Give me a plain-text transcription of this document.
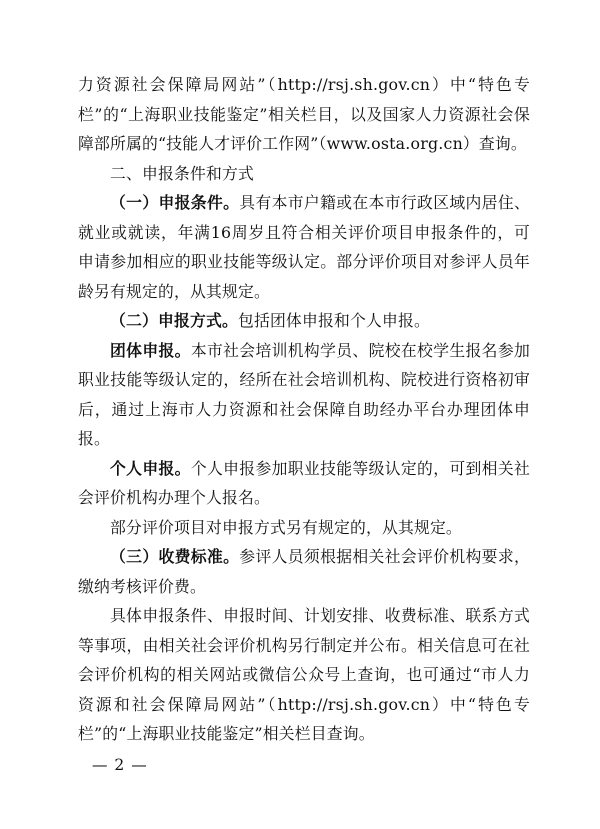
力资源社会保障局网站”（http://rsj.sh.gov.cn）中“特色专栏”的“上海职业技能鉴定”相关栏目，以及国家人力资源社会保障部所属的“技能人才评价工作网”（www.osta.org.cn）查询。

二、申报条件和方式

（一）申报条件。具有本市户籍或在本市行政区域内居住、就业或就读，年满16周岁且符合相关评价项目申报条件的，可申请参加相应的职业技能等级认定。部分评价项目对参评人员年龄另有规定的，从其规定。

（二）申报方式。包括团体申报和个人申报。

团体申报。本市社会培训机构学员、院校在校学生报名参加职业技能等级认定的，经所在社会培训机构、院校进行资格初审后，通过上海市人力资源和社会保障自助经办平台办理团体申报。

个人申报。个人申报参加职业技能等级认定的，可到相关社会评价机构办理个人报名。

部分评价项目对申报方式另有规定的，从其规定。

（三）收费标准。参评人员须根据相关社会评价机构要求，缴纳考核评价费。

具体申报条件、申报时间、计划安排、收费标准、联系方式等事项，由相关社会评价机构另行制定并公布。相关信息可在社会评价机构的相关网站或微信公众号上查询，也可通过“市人力资源和社会保障局网站”（http://rsj.sh.gov.cn）中“特色专栏”的“上海职业技能鉴定”相关栏目查询。

— 2 —
